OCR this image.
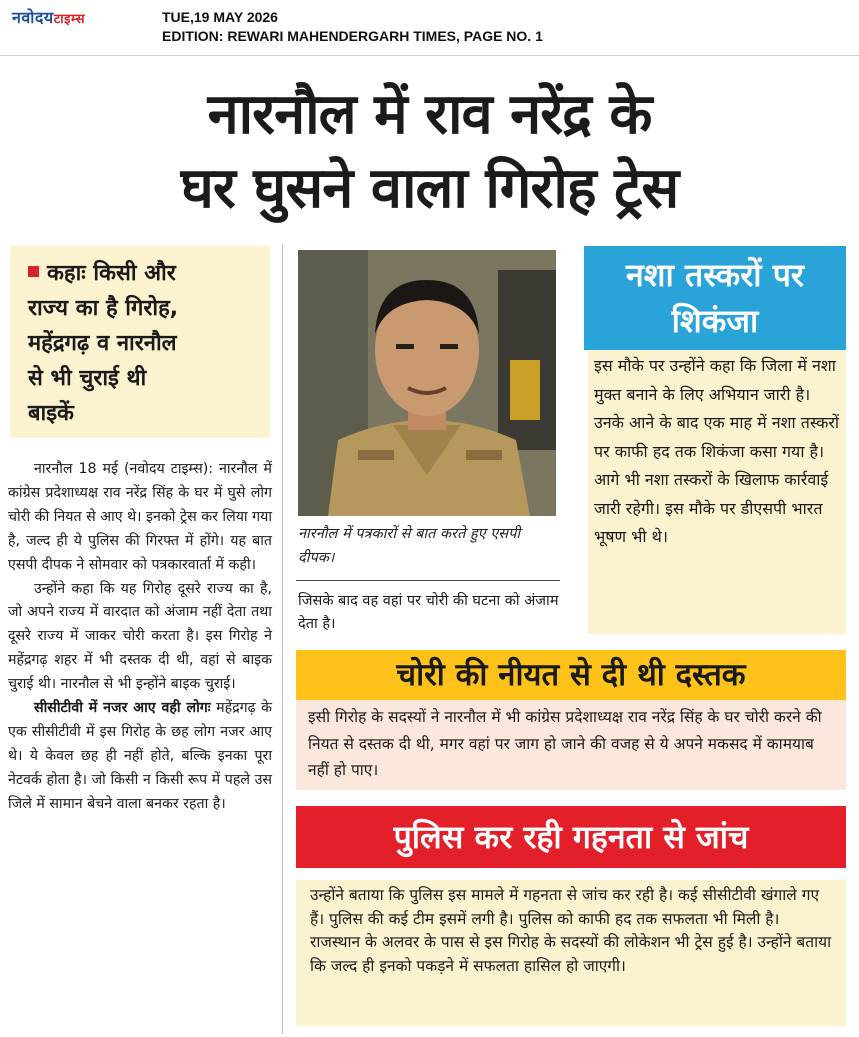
नवोदयटाइम्स	TUE,19 MAY 2026
EDITION: REWARI MAHENDERGARH TIMES, PAGE NO. 1
नारनौल में राव नरेंद्र के
घर घुसने वाला गिरोह ट्रेस

कहाः किसी और

राज्य का है गिरोह,

महेंद्रगढ़ व नारनौल

से भी चुराई थी

बाइकें

नारनौल 18 मई (नवोदय टाइम्स): नारनौल में कांग्रेस प्रदेशाध्यक्ष राव नरेंद्र सिंह के घर में घुसे लोग चोरी की नियत से आए थे। इनको ट्रेस कर लिया गया है, जल्द ही ये पुलिस की गिरफ्त में होंगे। यह बात एसपी दीपक ने सोमवार को पत्रकारवार्ता में कही।

उन्होंने कहा कि यह गिरोह दूसरे राज्य का है, जो अपने राज्य में वारदात को अंजाम नहीं देता तथा दूसरे राज्य में जाकर चोरी करता है। इस गिरोह ने महेंद्रगढ़ शहर में भी दस्तक दी थी, वहां से बाइक चुराई थी। नारनौल से भी इन्होंने बाइक चुराई।

सीसीटीवी में नजर आए वही लोगः महेंद्रगढ़ के एक सीसीटीवी में इस गिरोह के छह लोग नजर आए थे। ये केवल छह ही नहीं होते, बल्कि इनका पूरा नेटवर्क होता है। जो किसी न किसी रूप में पहले उस जिले में सामान बेचने वाला बनकर रहता है।

नारनौल में पत्रकारों से बात करते हुए एसपी दीपक।
जिसके बाद वह वहां पर चोरी की घटना को अंजाम देता है।
नशा तस्करों पर
शिकंजा
इस मौके पर उन्होंने कहा कि जिला में नशा मुक्त बनाने के लिए अभियान जारी है। उनके आने के बाद एक माह में नशा तस्करों पर काफी हद तक शिकंजा कसा गया है। आगे भी नशा तस्करों के खिलाफ कार्रवाई जारी रहेगी। इस मौके पर डीएसपी भारत भूषण भी थे।
चोरी की नीयत से दी थी दस्तक
इसी गिरोह के सदस्यों ने नारनौल में भी कांग्रेस प्रदेशाध्यक्ष राव नरेंद्र सिंह के घर चोरी करने की नियत से दस्तक दी थी, मगर वहां पर जाग हो जाने की वजह से ये अपने मकसद में कामयाब नहीं हो पाए।
पुलिस कर रही गहनता से जांच
उन्होंने बताया कि पुलिस इस मामले में गहनता से जांच कर रही है। कई सीसीटीवी खंगाले गए हैं। पुलिस की कई टीम इसमें लगी है। पुलिस को काफी हद तक सफलता भी मिली है। राजस्थान के अलवर के पास से इस गिरोह के सदस्यों की लोकेशन भी ट्रेस हुई है। उन्होंने बताया कि जल्द ही इनको पकड़ने में सफलता हासिल हो जाएगी।
